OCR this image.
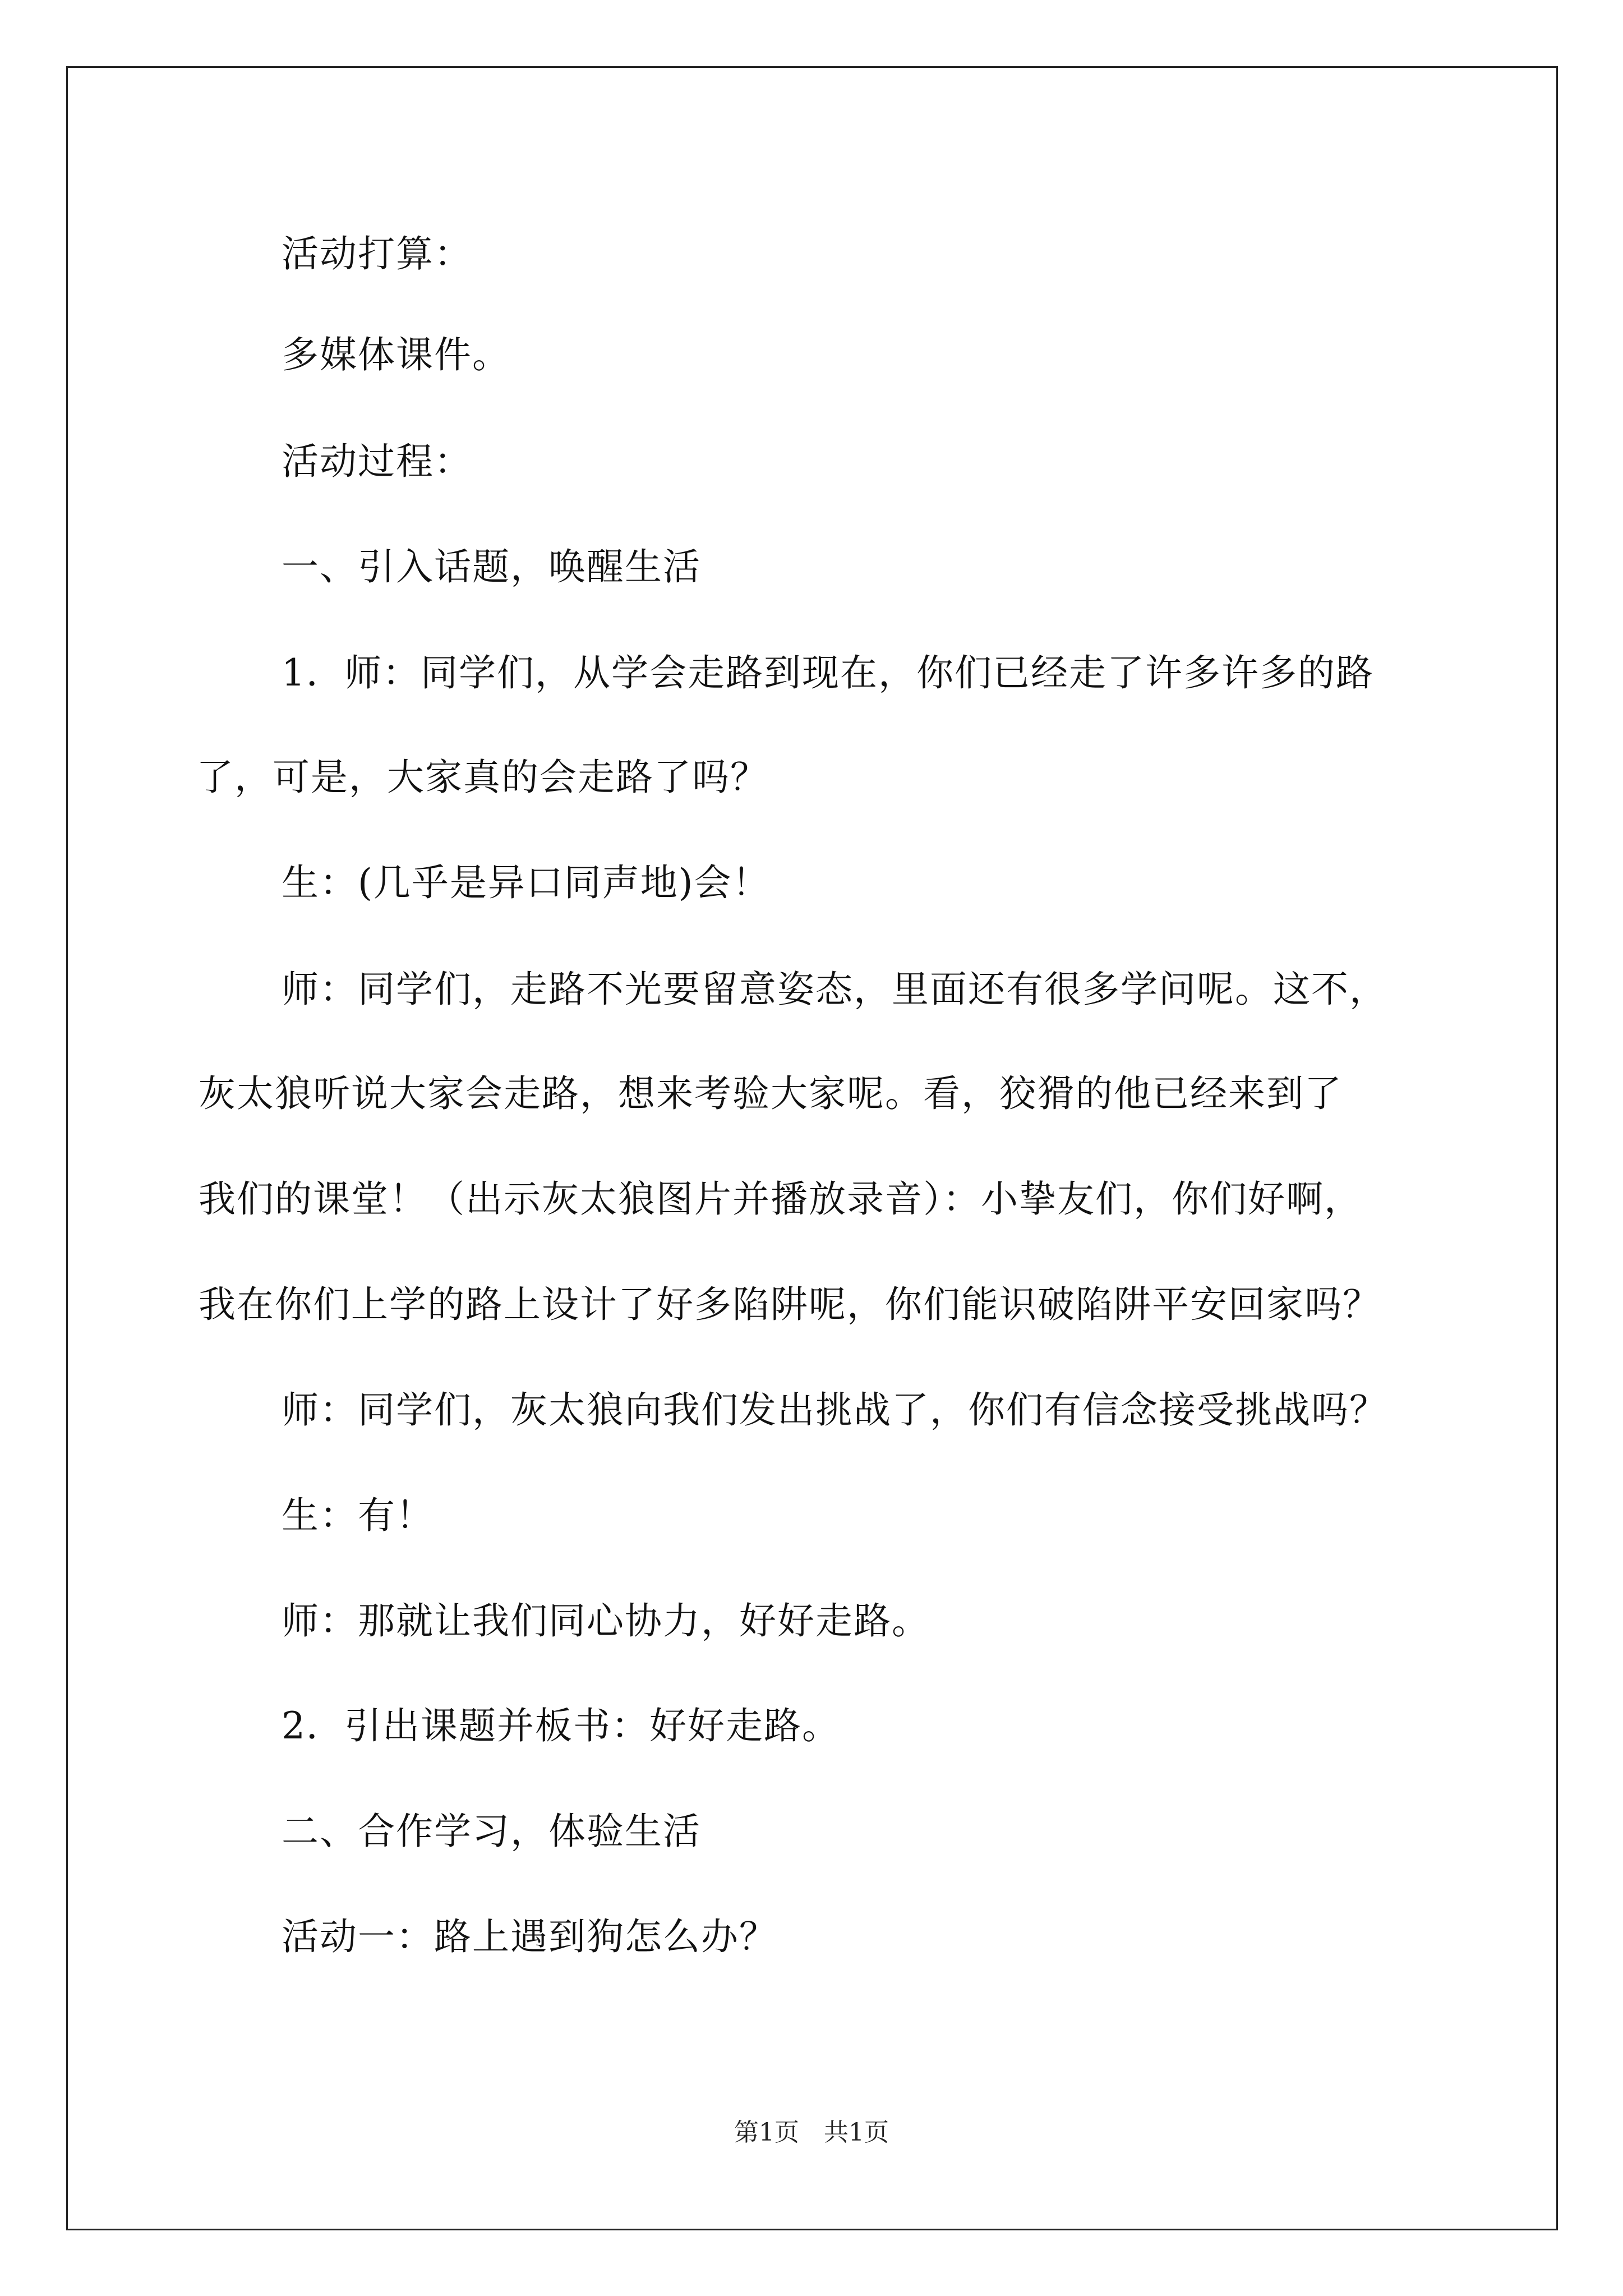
活动打算：
多媒体课件。
活动过程：
一、引入话题，唤醒生活
1．师：同学们，从学会走路到现在，你们已经走了许多许多的路
了，可是，大家真的会走路了吗？
生：(几乎是异口同声地)会！
师：同学们，走路不光要留意姿态，里面还有很多学问呢。这不，
灰太狼听说大家会走路，想来考验大家呢。看，狡猾的他已经来到了
我们的课堂！（出示灰太狼图片并播放录音）：小挚友们，你们好啊，
我在你们上学的路上设计了好多陷阱呢，你们能识破陷阱平安回家吗？
师：同学们，灰太狼向我们发出挑战了，你们有信念接受挑战吗？
生：有！
师：那就让我们同心协力，好好走路。
2．引出课题并板书：好好走路。
二、合作学习，体验生活
活动一：路上遇到狗怎么办？
第1页　共1页
